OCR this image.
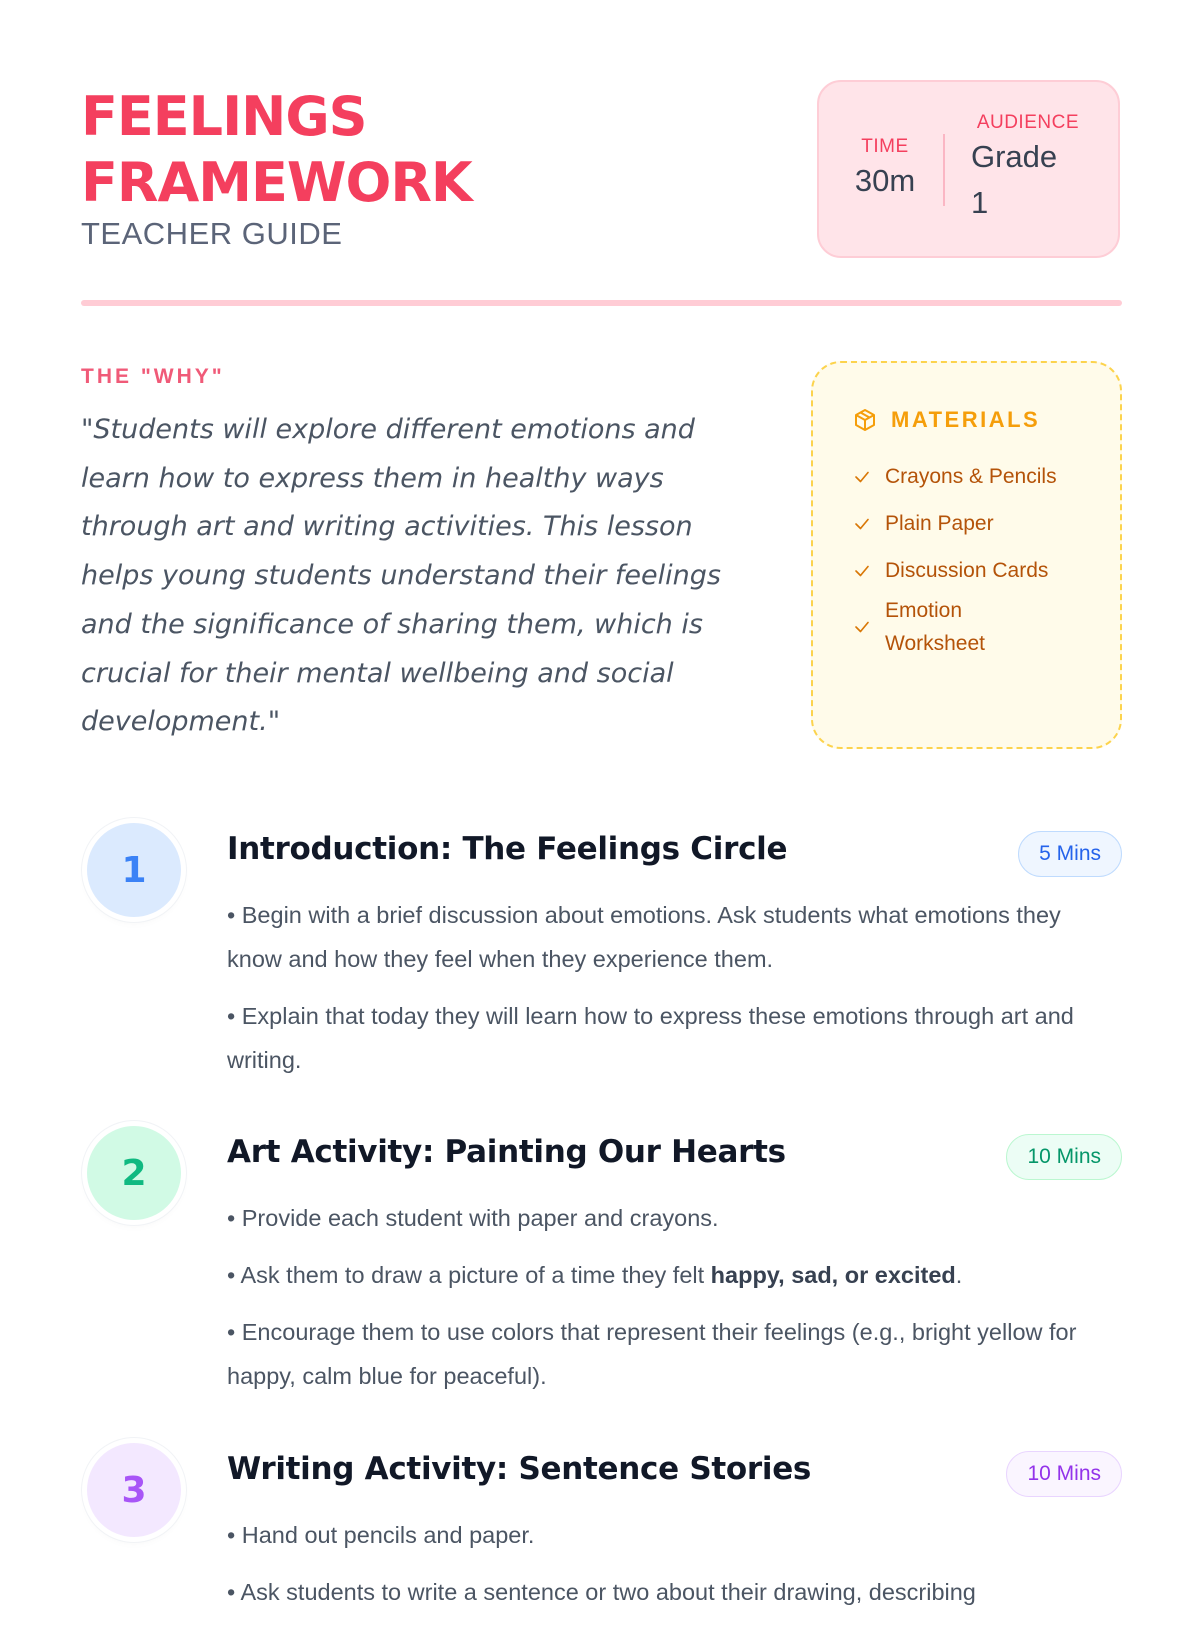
FEELINGS
FRAMEWORK
TEACHER GUIDE
TIME
30m
AUDIENCE
Grade 1
THE "WHY"

"Students will explore different emotions and learn how to express them in healthy ways through art and writing activities. This lesson helps young students understand their feelings and the significance of sharing them, which is crucial for their mental wellbeing and social development."

MATERIALS
Crayons & Pencils
Plain Paper
Discussion Cards
Emotion Worksheet
1
Introduction: The Feelings Circle	5 Mins

• Begin with a brief discussion about emotions. Ask students what emotions they know and how they feel when they experience them.

• Explain that today they will learn how to express these emotions through art and writing.

2
Art Activity: Painting Our Hearts	10 Mins

• Provide each student with paper and crayons.

• Ask them to draw a picture of a time they felt happy, sad, or excited.

• Encourage them to use colors that represent their feelings (e.g., bright yellow for happy, calm blue for peaceful).

3
Writing Activity: Sentence Stories	10 Mins

• Hand out pencils and paper.

• Ask students to write a sentence or two about their drawing, describing
